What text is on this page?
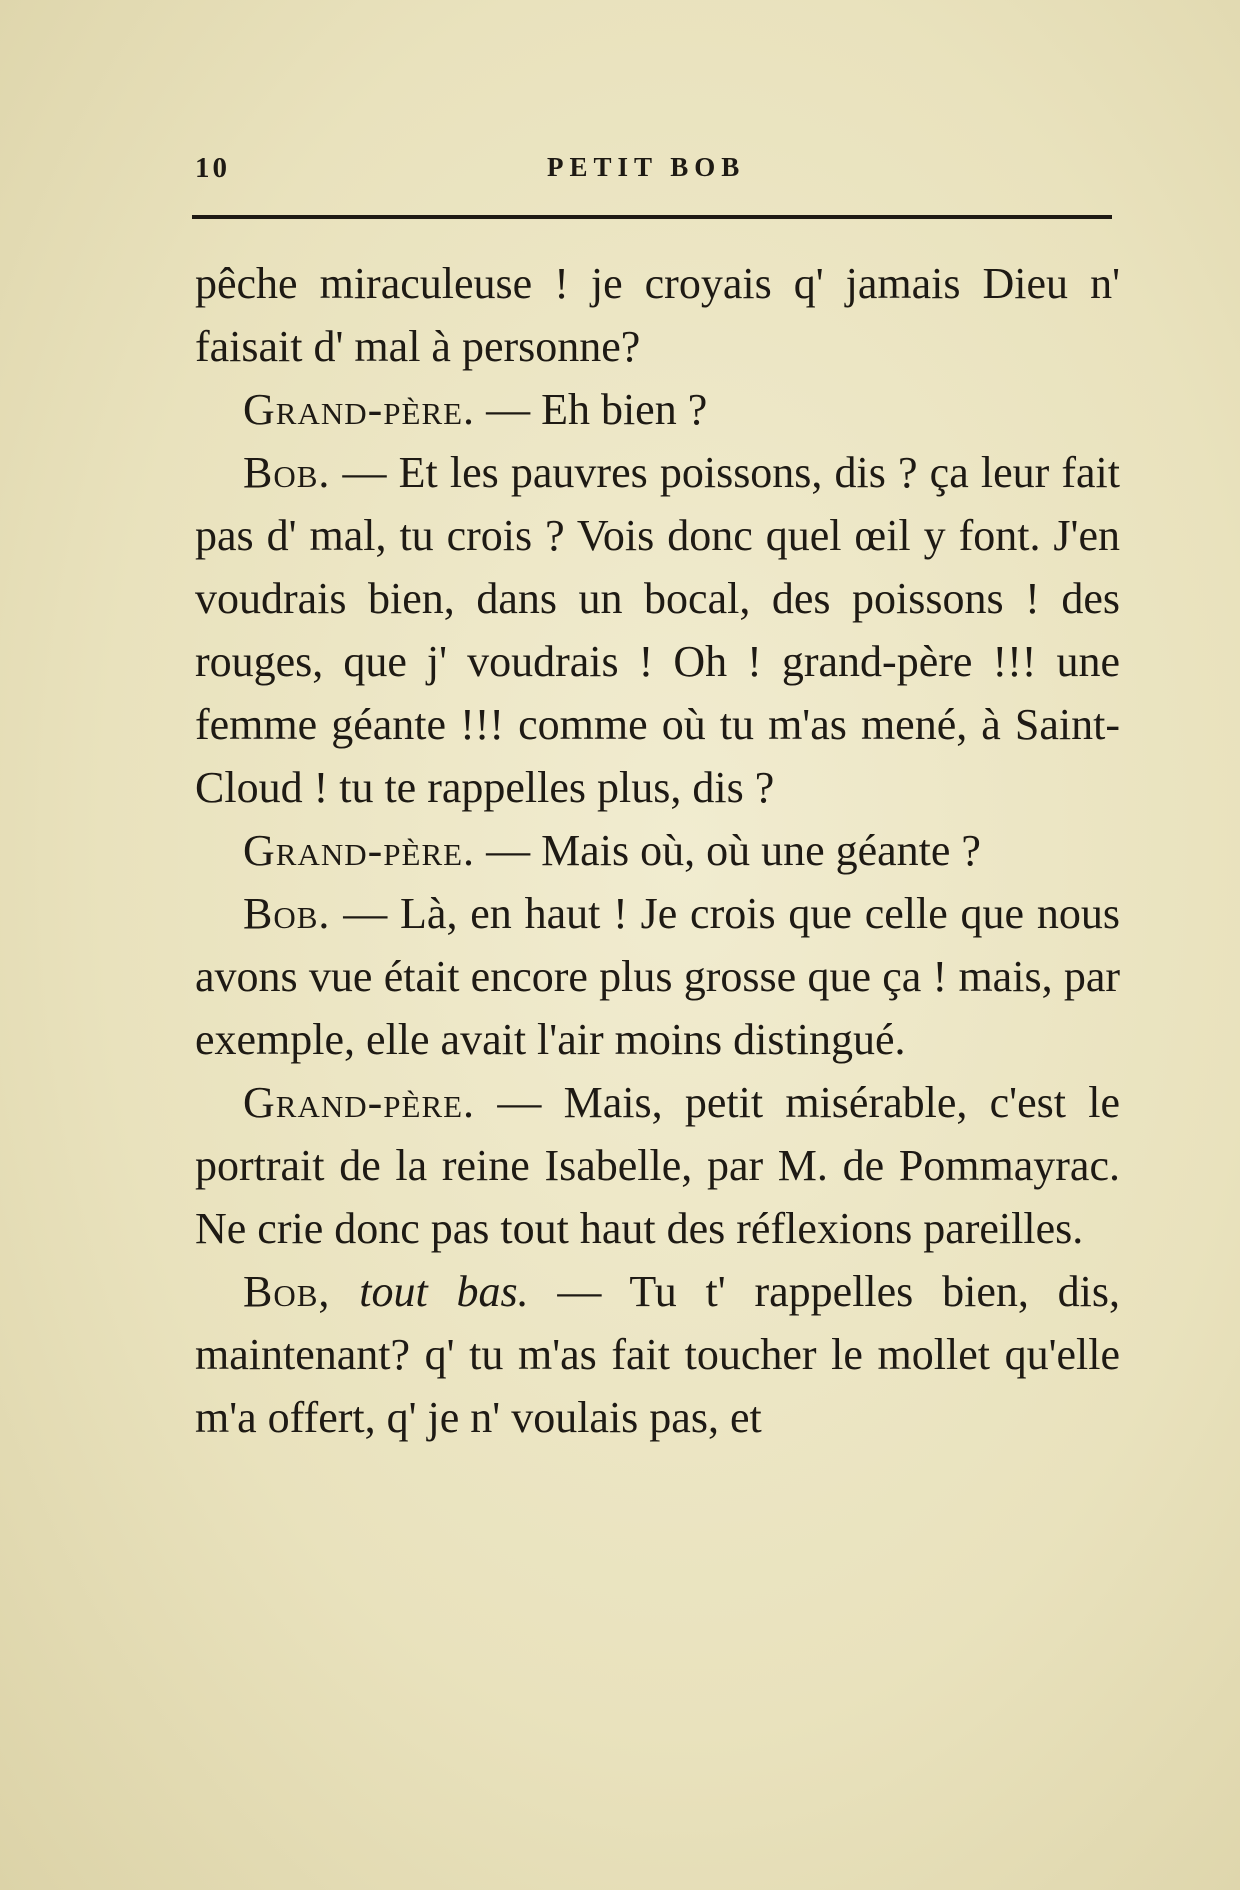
10	PETIT BOB

pêche miraculeuse ! je croyais q' jamais Dieu n' faisait d' mal à personne?

Grand-père. — Eh bien ?

Bob. — Et les pauvres poissons, dis ? ça leur fait pas d' mal, tu crois ? Vois donc quel œil y font. J'en voudrais bien, dans un bocal, des poissons ! des rouges, que j' voudrais ! Oh ! grand-père !!! une femme géante !!! comme où tu m'as mené, à Saint-Cloud ! tu te rappelles plus, dis ?

Grand-père. — Mais où, où une géante ?

Bob. — Là, en haut ! Je crois que celle que nous avons vue était encore plus grosse que ça ! mais, par exemple, elle avait l'air moins distingué.

Grand-père. — Mais, petit misérable, c'est le portrait de la reine Isabelle, par M. de Pommayrac. Ne crie donc pas tout haut des réflexions pareilles.

Bob, tout bas. — Tu t' rappelles bien, dis, maintenant? q' tu m'as fait toucher le mollet qu'elle m'a offert, q' je n' voulais pas, et
